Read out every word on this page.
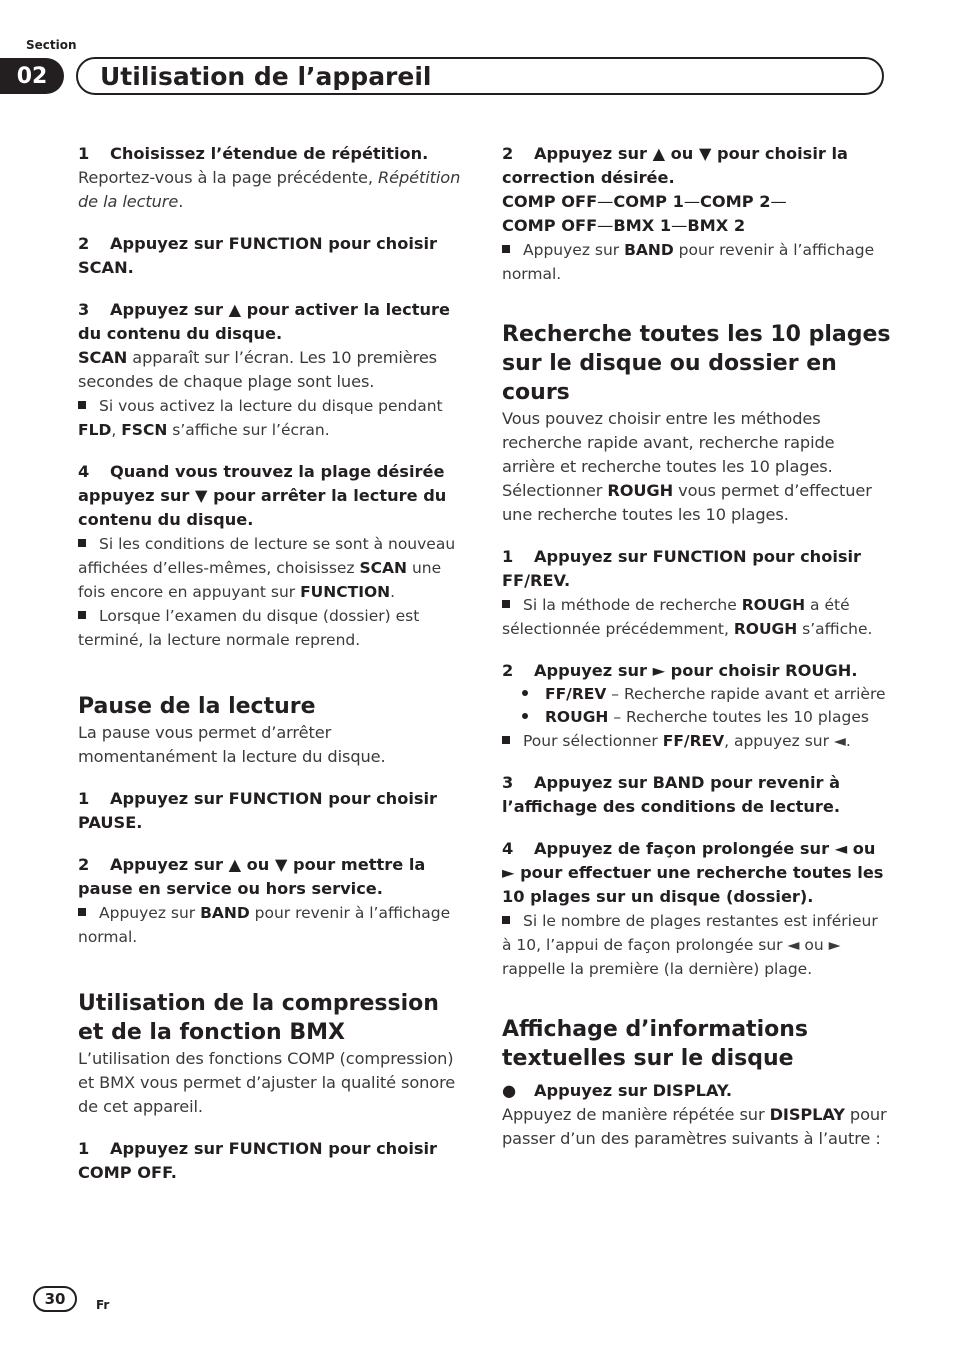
Section
02	Utilisation de l’appareil

1 Choisissez l’étendue de répétition.

Reportez-vous à la page précédente, Répétition de la lecture.

2 Appuyez sur FUNCTION pour choisir SCAN.

3 Appuyez sur ▲ pour activer la lecture du contenu du disque.

SCAN apparaît sur l’écran. Les 10 premières secondes de chaque plage sont lues.

Si vous activez la lecture du disque pendant FLD, FSCN s’affiche sur l’écran.

4 Quand vous trouvez la plage désirée appuyez sur ▼ pour arrêter la lecture du contenu du disque.

Si les conditions de lecture se sont à nouveau affichées d’elles-mêmes, choisissez SCAN une fois encore en appuyant sur FUNCTION.

Lorsque l’examen du disque (dossier) est terminé, la lecture normale reprend.

Pause de la lecture

La pause vous permet d’arrêter momentanément la lecture du disque.

1 Appuyez sur FUNCTION pour choisir PAUSE.

2 Appuyez sur ▲ ou ▼ pour mettre la pause en service ou hors service.

Appuyez sur BAND pour revenir à l’affichage normal.

Utilisation de la compression et de la fonction BMX

L’utilisation des fonctions COMP (compression) et BMX vous permet d’ajuster la qualité sonore de cet appareil.

1 Appuyez sur FUNCTION pour choisir COMP OFF.

2 Appuyez sur ▲ ou ▼ pour choisir la correction désirée.

COMP OFF—COMP 1—COMP 2—

COMP OFF—BMX 1—BMX 2

Appuyez sur BAND pour revenir à l’affichage normal.

Recherche toutes les 10 plages sur le disque ou dossier en cours

Vous pouvez choisir entre les méthodes recherche rapide avant, recherche rapide arrière et recherche toutes les 10 plages. Sélectionner ROUGH vous permet d’effectuer une recherche toutes les 10 plages.

1 Appuyez sur FUNCTION pour choisir FF/REV.

Si la méthode de recherche ROUGH a été sélectionnée précédemment, ROUGH s’affiche.

2 Appuyez sur ► pour choisir ROUGH.

FF/REV – Recherche rapide avant et arrière

ROUGH – Recherche toutes les 10 plages

Pour sélectionner FF/REV, appuyez sur ◄.

3 Appuyez sur BAND pour revenir à l’affichage des conditions de lecture.

4 Appuyez de façon prolongée sur ◄ ou ► pour effectuer une recherche toutes les 10 plages sur un disque (dossier).

Si le nombre de plages restantes est inférieur à 10, l’appui de façon prolongée sur ◄ ou ► rappelle la première (la dernière) plage.

Affichage d’informations textuelles sur le disque

● Appuyez sur DISPLAY.

Appuyez de manière répétée sur DISPLAY pour passer d’un des paramètres suivants à l’autre :

30	Fr
